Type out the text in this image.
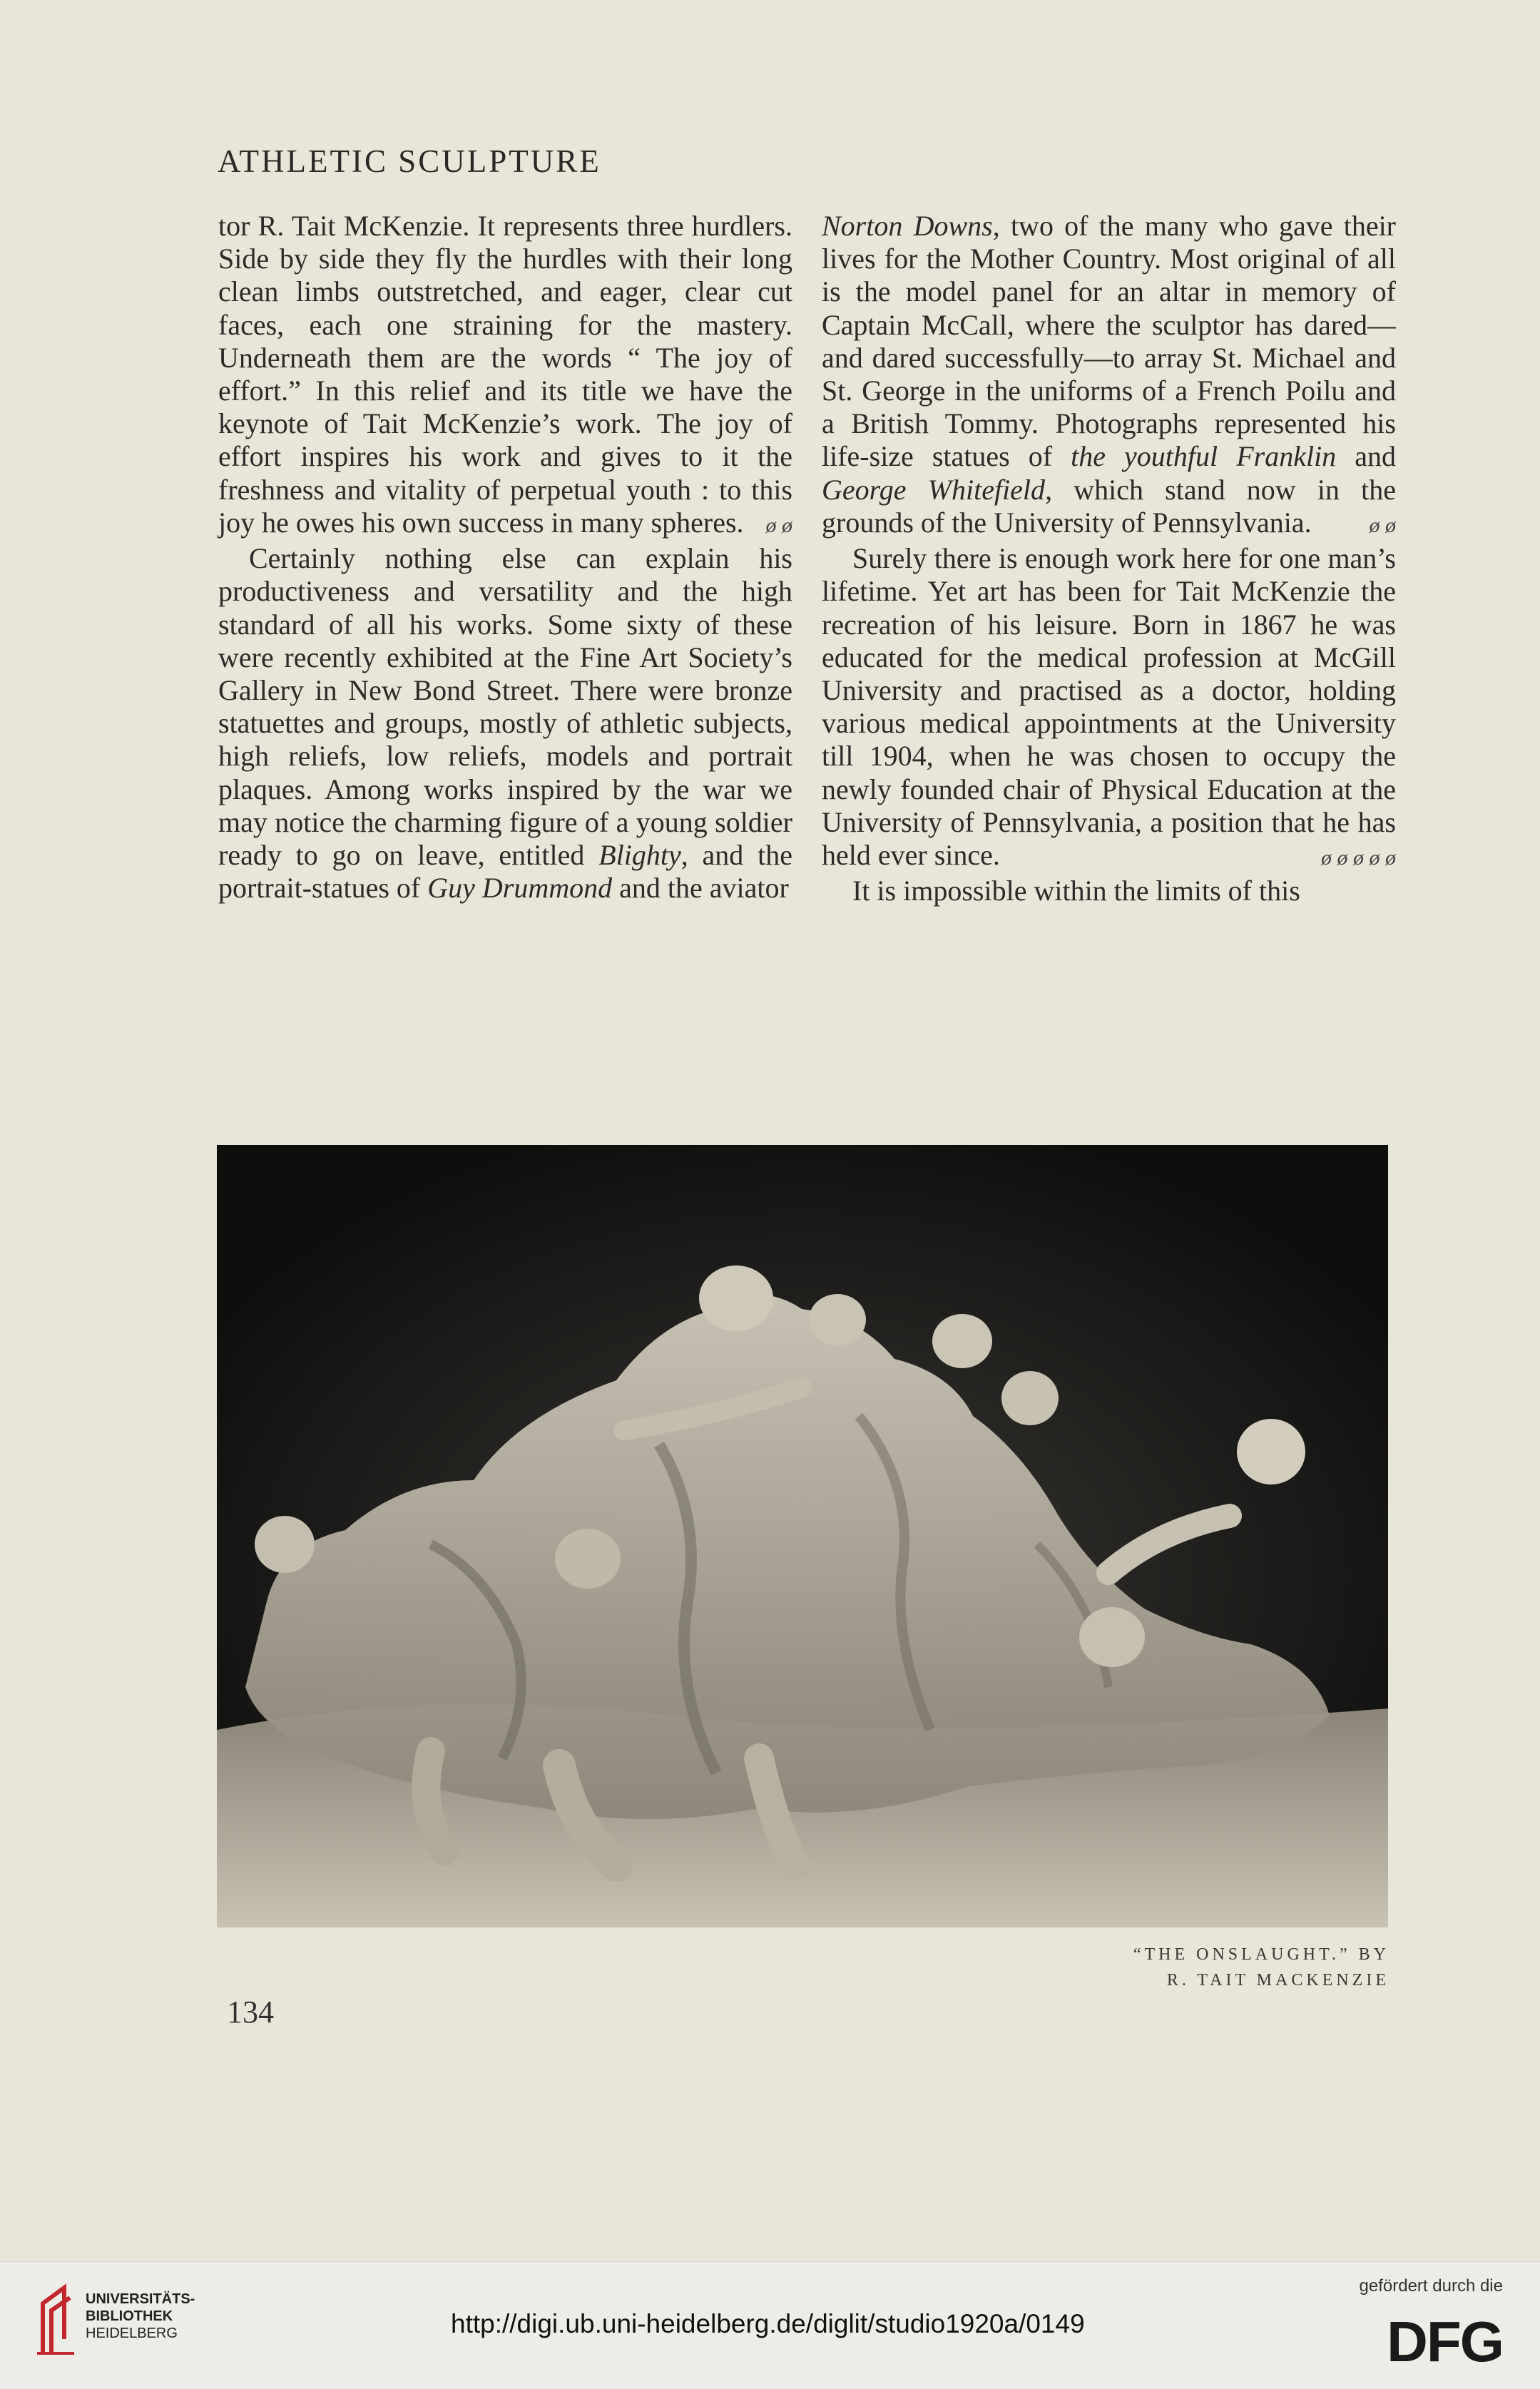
ATHLETIC SCULPTURE

tor R. Tait McKenzie. It represents three hurdlers. Side by side they fly the hurdles with their long clean limbs outstretched, and eager, clear cut faces, each one straining for the mastery. Underneath them are the words “ The joy of effort.” In this relief and its title we have the keynote of Tait McKenzie’s work. The joy of effort inspires his work and gives to it the freshness and vitality of perpetual youth : to this joy he owes his own success in many spheres.	ø ø

Certainly nothing else can explain his productiveness and versatility and the high standard of all his works. Some sixty of these were recently exhibited at the Fine Art Society’s Gallery in New Bond Street. There were bronze statuettes and groups, mostly of athletic subjects, high reliefs, low reliefs, models and portrait plaques. Among works inspired by the war we may notice the charming figure of a young soldier ready to go on leave, entitled Blighty, and the portrait-statues of Guy Drummond and the aviator

Norton Downs, two of the many who gave their lives for the Mother Country. Most original of all is the model panel for an altar in memory of Captain McCall, where the sculptor has dared—and dared successfully—to array St. Michael and St. George in the uniforms of a French Poilu and a British Tommy. Photographs represented his life-size statues of the youthful Franklin and George Whitefield, which stand now in the grounds of the University of Pennsylvania.	ø ø

Surely there is enough work here for one man’s lifetime. Yet art has been for Tait McKenzie the recreation of his leisure. Born in 1867 he was educated for the medical profession at McGill University and practised as a doctor, holding various medical appointments at the University till 1904, when he was chosen to occupy the newly founded chair of Physical Education at the University of Pennsylvania, a position that he has held ever since.	ø ø ø ø ø

It is impossible within the limits of this

“THE ONSLAUGHT.” BY
R. TAIT MACKENZIE
134
UNIVERSITÄTS-
BIBLIOTHEK
HEIDELBERG	http://digi.ub.uni-heidelberg.de/diglit/studio1920a/0149
gefördert durch die
DFG
